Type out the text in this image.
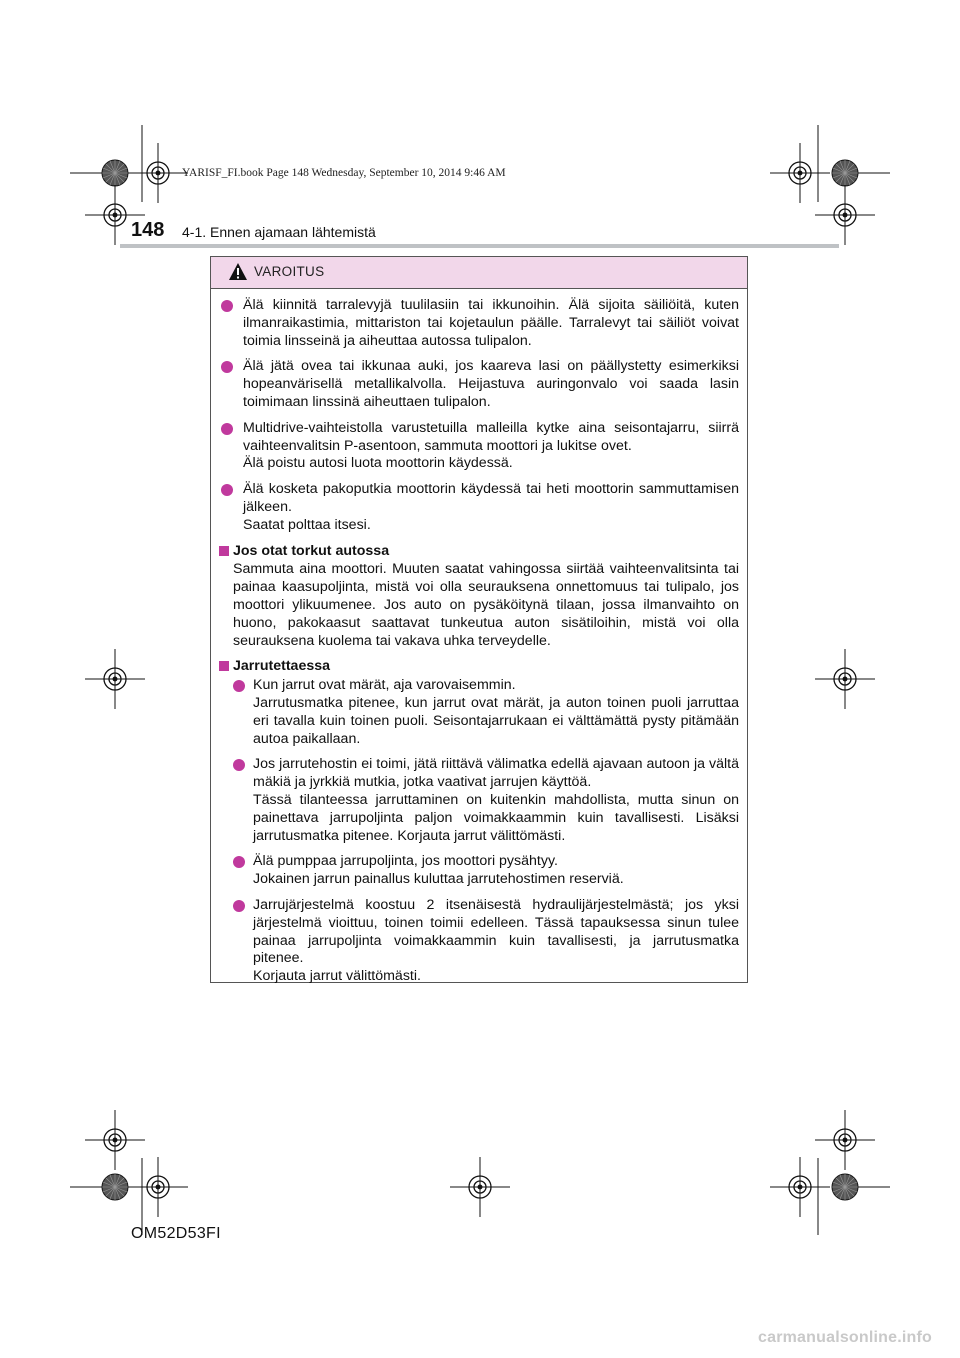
YARISF_FI.book Page 148 Wednesday, September 10, 2014 9:46 AM
148 4-1. Ennen ajamaan lähtemistä
VAROITUS
Älä kiinnitä tarralevyjä tuulilasiin tai ikkunoihin. Älä sijoita säiliöitä, kuten ilmanraikastimia, mittariston tai kojetaulun päälle. Tarralevyt tai säiliöt voivat toimia linsseinä ja aiheuttaa autossa tulipalon.
Älä jätä ovea tai ikkunaa auki, jos kaareva lasi on päällystetty esimerkiksi hopeanvärisellä metallikalvolla. Heijastuva auringonvalo voi saada lasin toimimaan linssinä aiheuttaen tulipalon.
Multidrive-vaihteistolla varustetuilla malleilla kytke aina seisontajarru, siirrä vaihteenvalitsin P-asentoon, sammuta moottori ja lukitse ovet.
Älä poistu autosi luota moottorin käydessä.
Älä kosketa pakoputkia moottorin käydessä tai heti moottorin sammuttamisen jälkeen.
Saatat polttaa itsesi.
Jos otat torkut autossa
Sammuta aina moottori. Muuten saatat vahingossa siirtää vaihteenvalitsinta tai painaa kaasupoljinta, mistä voi olla seurauksena onnettomuus tai tulipalo, jos moottori ylikuumenee. Jos auto on pysäköitynä tilaan, jossa ilmanvaihto on huono, pakokaasut saattavat tunkeutua auton sisätiloihin, mistä voi olla seurauksena kuolema tai vakava uhka terveydelle.
Jarrutettaessa
Kun jarrut ovat märät, aja varovaisemmin.
Jarrutusmatka pitenee, kun jarrut ovat märät, ja auton toinen puoli jarruttaa eri tavalla kuin toinen puoli. Seisontajarrukaan ei välttämättä pysty pitämään autoa paikallaan.
Jos jarrutehostin ei toimi, jätä riittävä välimatka edellä ajavaan autoon ja vältä mäkiä ja jyrkkiä mutkia, jotka vaativat jarrujen käyttöä.
Tässä tilanteessa jarruttaminen on kuitenkin mahdollista, mutta sinun on painettava jarrupoljinta paljon voimakkaammin kuin tavallisesti. Lisäksi jarrutusmatka pitenee. Korjauta jarrut välittömästi.
Älä pumppaa jarrupoljinta, jos moottori pysähtyy.
Jokainen jarrun painallus kuluttaa jarrutehostimen reserviä.
Jarrujärjestelmä koostuu 2 itsenäisestä hydraulijärjestelmästä; jos yksi järjestelmä vioittuu, toinen toimii edelleen. Tässä tapauksessa sinun tulee painaa jarrupoljinta voimakkaammin kuin tavallisesti, ja jarrutusmatka pitenee.
Korjauta jarrut välittömästi.
OM52D53FI
carmanualsonline.info
